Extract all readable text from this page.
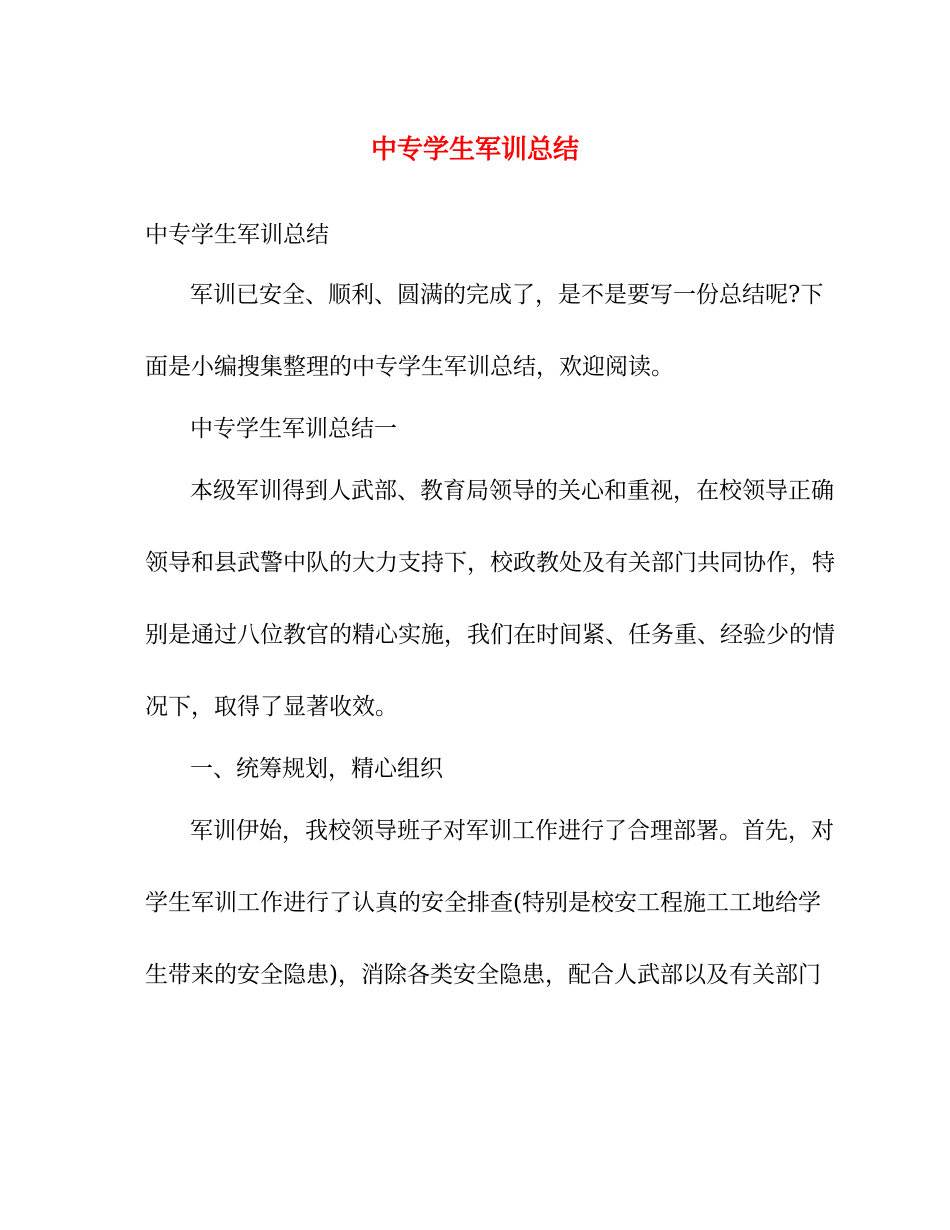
中专学生军训总结
中专学生军训总结
军训已安全、顺利、圆满的完成了，是不是要写一份总结呢?下
面是小编搜集整理的中专学生军训总结，欢迎阅读。
中专学生军训总结一
本级军训得到人武部、教育局领导的关心和重视，在校领导正确
领导和县武警中队的大力支持下，校政教处及有关部门共同协作，特
别是通过八位教官的精心实施，我们在时间紧、任务重、经验少的情
况下，取得了显著收效。
一、统筹规划，精心组织
军训伊始，我校领导班子对军训工作进行了合理部署。首先，对
学生军训工作进行了认真的安全排查(特别是校安工程施工工地给学
生带来的安全隐患)，消除各类安全隐患，配合人武部以及有关部门
